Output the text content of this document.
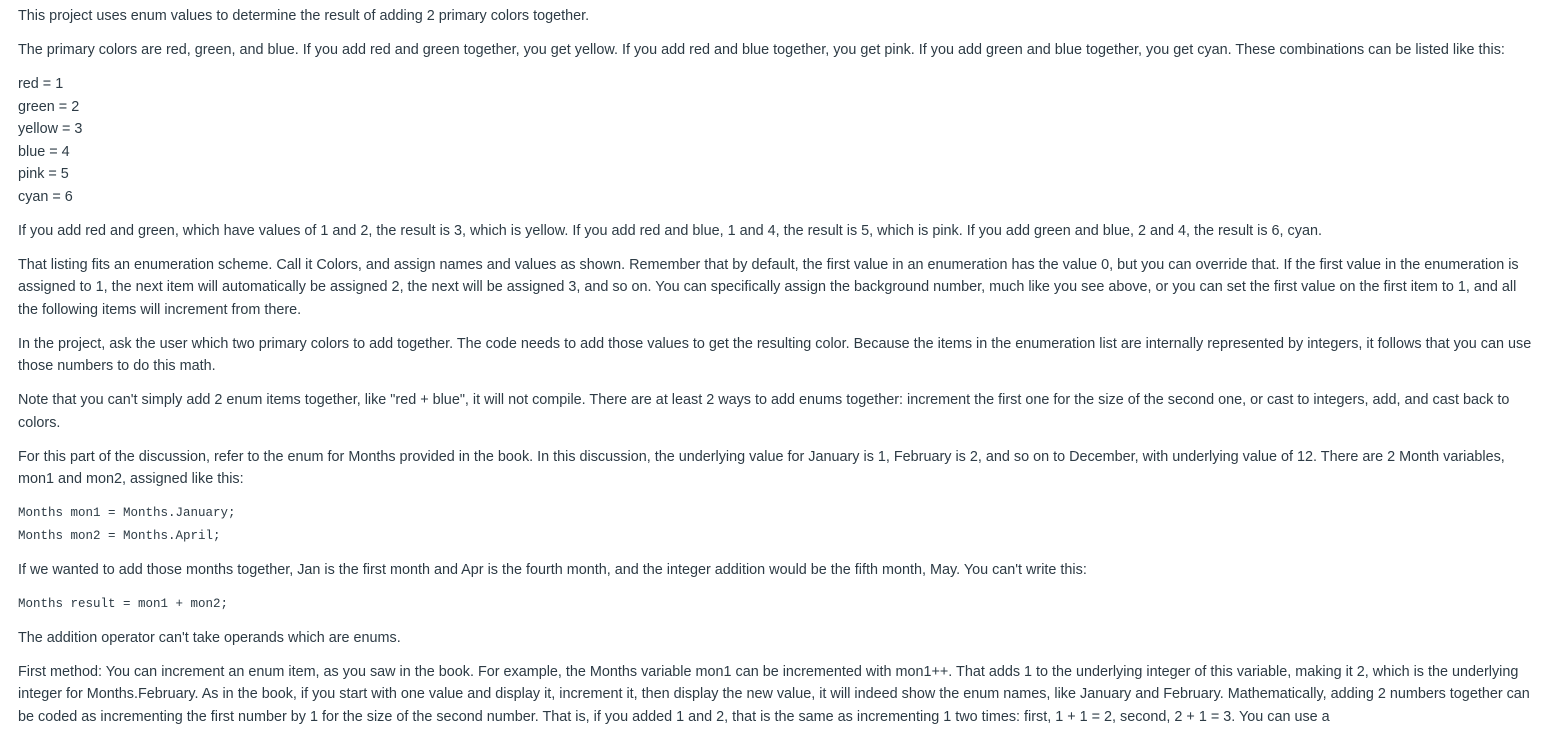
This project uses enum values to determine the result of adding 2 primary colors together.

The primary colors are red, green, and blue. If you add red and green together, you get yellow. If you add red and blue together, you get pink. If you add green and blue together, you get cyan. These combinations can be listed like this:

red = 1
green = 2
yellow = 3
blue = 4
pink = 5
cyan = 6

If you add red and green, which have values of 1 and 2, the result is 3, which is yellow. If you add red and blue, 1 and 4, the result is 5, which is pink. If you add green and blue, 2 and 4, the result is 6, cyan.

That listing fits an enumeration scheme. Call it Colors, and assign names and values as shown. Remember that by default, the first value in an enumeration has the value 0, but you can override that. If the first value in the enumeration is assigned to 1, the next item will automatically be assigned 2, the next will be assigned 3, and so on. You can specifically assign the background number, much like you see above, or you can set the first value on the first item to 1, and all the following items will increment from there.

In the project, ask the user which two primary colors to add together. The code needs to add those values to get the resulting color. Because the items in the enumeration list are internally represented by integers, it follows that you can use those numbers to do this math.

Note that you can't simply add 2 enum items together, like "red + blue", it will not compile. There are at least 2 ways to add enums together: increment the first one for the size of the second one, or cast to integers, add, and cast back to colors.

For this part of the discussion, refer to the enum for Months provided in the book. In this discussion, the underlying value for January is 1, February is 2, and so on to December, with underlying value of 12. There are 2 Month variables, mon1 and mon2, assigned like this:

Months mon1 = Months.January;
Months mon2 = Months.April;

If we wanted to add those months together, Jan is the first month and Apr is the fourth month, and the integer addition would be the fifth month, May. You can't write this:

Months result = mon1 + mon2;

The addition operator can't take operands which are enums.

First method: You can increment an enum item, as you saw in the book. For example, the Months variable mon1 can be incremented with mon1++. That adds 1 to the underlying integer of this variable, making it 2, which is the underlying integer for Months.February. As in the book, if you start with one value and display it, increment it, then display the new value, it will indeed show the enum names, like January and February. Mathematically, adding 2 numbers together can be coded as incrementing the first number by 1 for the size of the second number. That is, if you added 1 and 2, that is the same as incrementing 1 two times: first, 1 + 1 = 2, second, 2 + 1 = 3. You can use a
